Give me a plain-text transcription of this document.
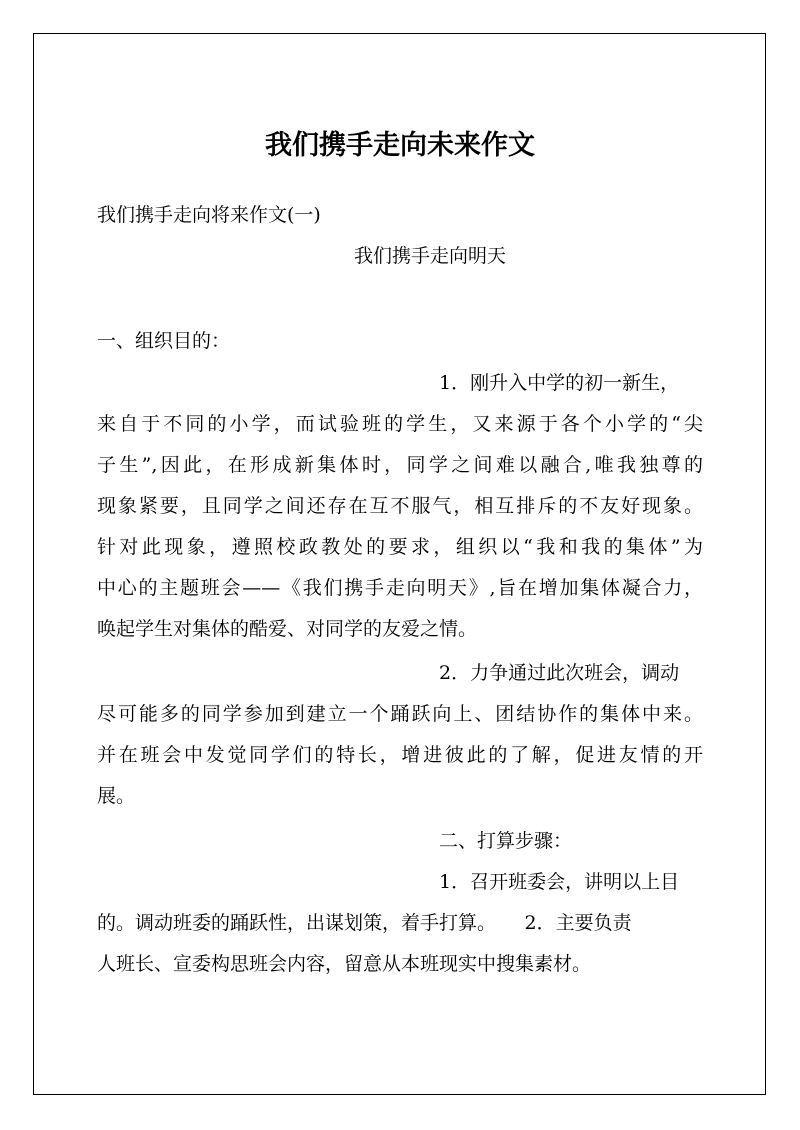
我们携手走向未来作文
我们携手走向将来作文(一)
我们携手走向明天
一、组织目的：
1．刚升入中学的初一新生，
来自于不同的小学，而试验班的学生，又来源于各个小学的“尖
子生”,因此，在形成新集体时，同学之间难以融合,唯我独尊的
现象紧要，且同学之间还存在互不服气，相互排斥的不友好现象。
针对此现象，遵照校政教处的要求，组织以“我和我的集体”为
中心的主题班会——《我们携手走向明天》,旨在增加集体凝合力，
唤起学生对集体的酷爱、对同学的友爱之情。
2．力争通过此次班会，调动
尽可能多的同学参加到建立一个踊跃向上、团结协作的集体中来。
并在班会中发觉同学们的特长，增进彼此的了解，促进友情的开
展。
二、打算步骤：
1．召开班委会，讲明以上目
的。调动班委的踊跃性，出谋划策，着手打算。　　2．主要负责
人班长、宣委构思班会内容，留意从本班现实中搜集素材。
